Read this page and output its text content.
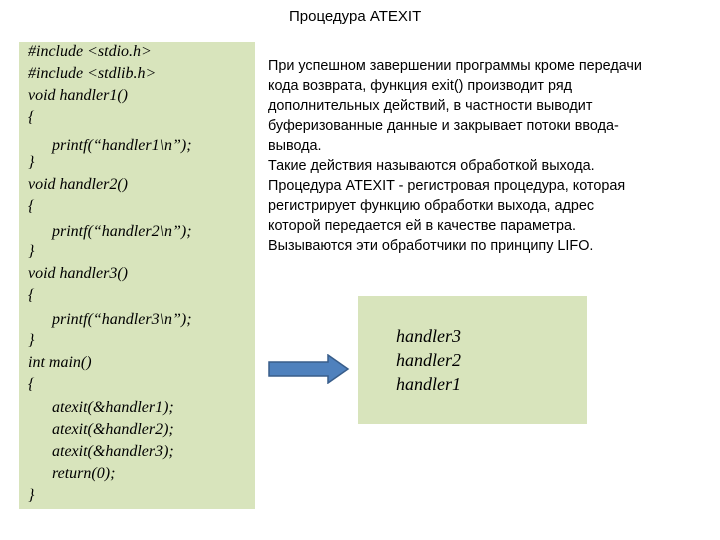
Процедура ATEXIT
#include <stdio.h>
#include <stdlib.h>
void handler1()
{
printf(“handler1\n”);
}
void handler2()
{
printf(“handler2\n”);
}
void handler3()
{
printf(“handler3\n”);
}
int main()
{
atexit(&handler1);
atexit(&handler2);
atexit(&handler3);
return(0);
}

При успешном завершении программы кроме передачи

кода возврата, функция exit() производит ряд

дополнительных действий, в частности выводит

буферизованные данные и закрывает потоки ввода-

вывода.

Такие действия называются обработкой выхода.

Процедура ATEXIT - регистровая процедура, которая

регистрирует функцию обработки выхода, адрес

которой передается ей в качестве параметра.

Вызываются эти обработчики по принципу LIFO.

handler3
handler2
handler1
